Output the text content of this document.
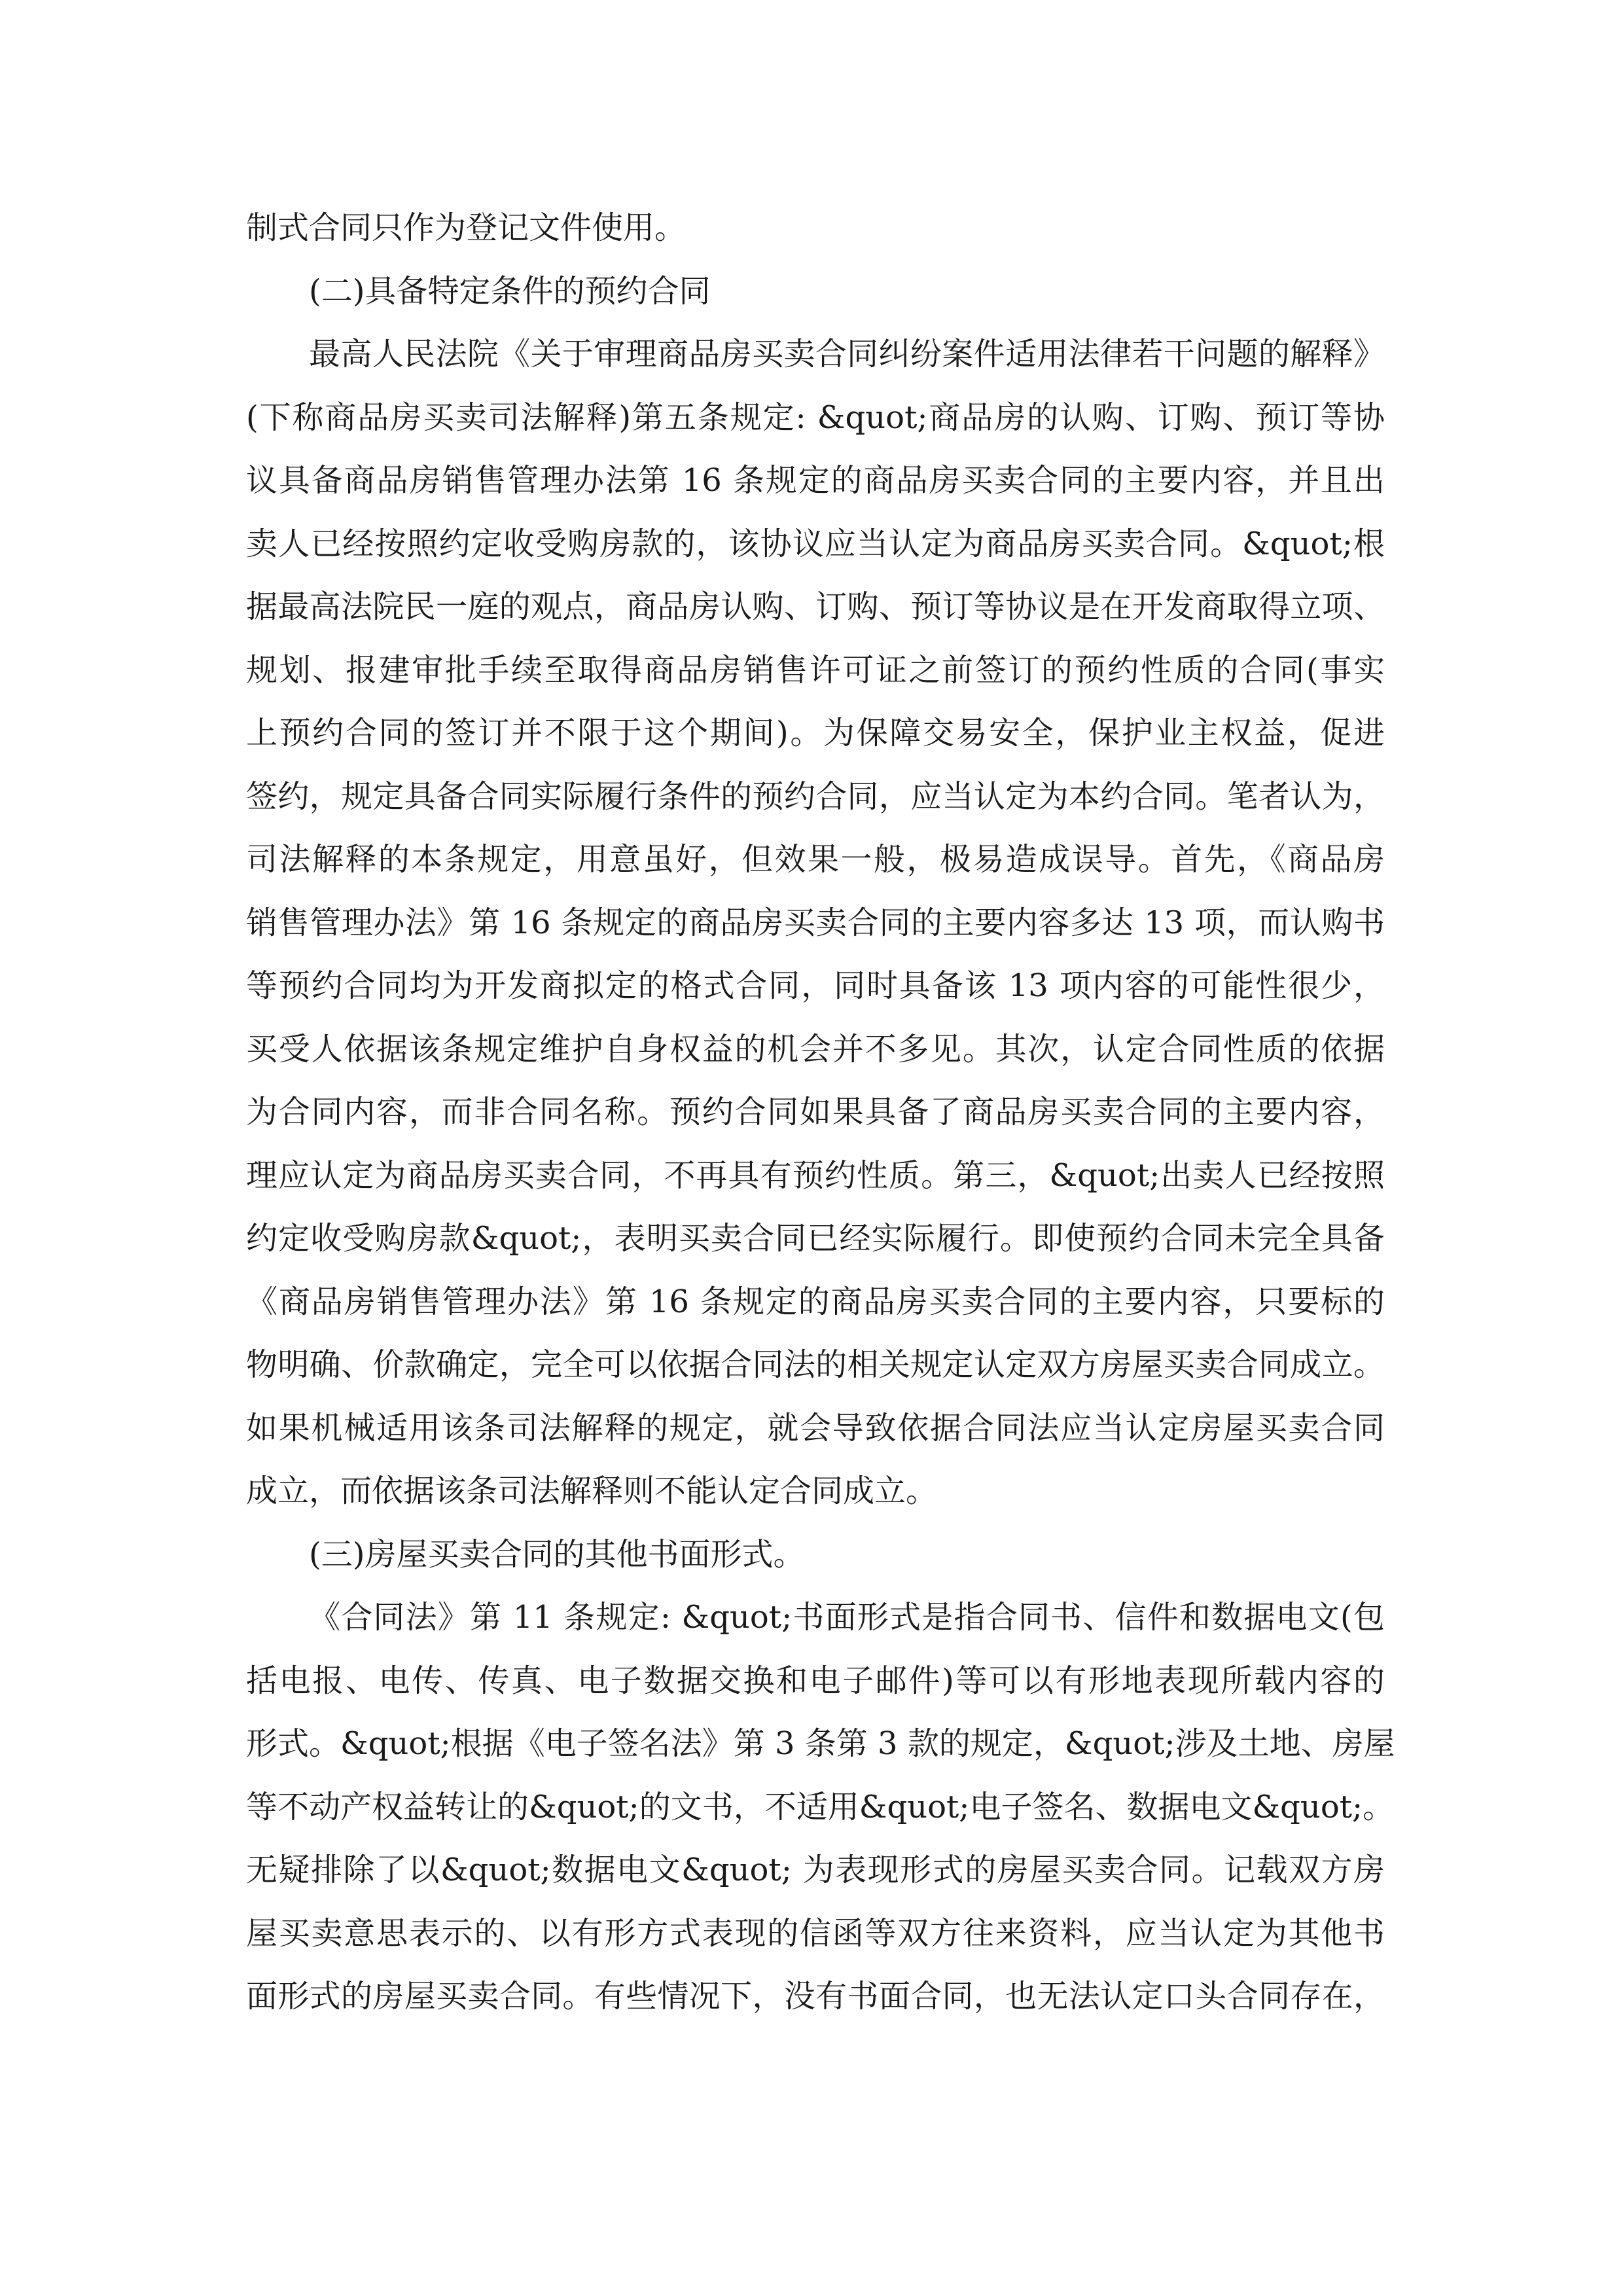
制式合同只作为登记文件使用。
(二)具备特定条件的预约合同
最高人民法院《关于审理商品房买卖合同纠纷案件适用法律若干问题的解释》
(下称商品房买卖司法解释)第五条规定: &quot;商品房的认购、订购、预订等协
议具备商品房销售管理办法第 16 条规定的商品房买卖合同的主要内容，并且出
卖人已经按照约定收受购房款的，该协议应当认定为商品房买卖合同。&quot;根
据最高法院民一庭的观点，商品房认购、订购、预订等协议是在开发商取得立项、
规划、报建审批手续至取得商品房销售许可证之前签订的预约性质的合同(事实
上预约合同的签订并不限于这个期间)。为保障交易安全，保护业主权益，促进
签约，规定具备合同实际履行条件的预约合同，应当认定为本约合同。笔者认为，
司法解释的本条规定，用意虽好，但效果一般，极易造成误导。首先，《商品房
销售管理办法》第 16 条规定的商品房买卖合同的主要内容多达 13 项，而认购书
等预约合同均为开发商拟定的格式合同，同时具备该 13 项内容的可能性很少，
买受人依据该条规定维护自身权益的机会并不多见。其次，认定合同性质的依据
为合同内容，而非合同名称。预约合同如果具备了商品房买卖合同的主要内容，
理应认定为商品房买卖合同，不再具有预约性质。第三，&quot;出卖人已经按照
约定收受购房款&quot;，表明买卖合同已经实际履行。即使预约合同未完全具备
《商品房销售管理办法》第 16 条规定的商品房买卖合同的主要内容，只要标的
物明确、价款确定，完全可以依据合同法的相关规定认定双方房屋买卖合同成立。
如果机械适用该条司法解释的规定，就会导致依据合同法应当认定房屋买卖合同
成立，而依据该条司法解释则不能认定合同成立。
(三)房屋买卖合同的其他书面形式。
《合同法》第 11 条规定: &quot;书面形式是指合同书、信件和数据电文(包
括电报、电传、传真、电子数据交换和电子邮件)等可以有形地表现所载内容的
形式。&quot;根据《电子签名法》第 3 条第 3 款的规定，&quot;涉及土地、房屋
等不动产权益转让的&quot;的文书，不适用&quot;电子签名、数据电文&quot;。
无疑排除了以&quot;数据电文&quot; 为表现形式的房屋买卖合同。记载双方房
屋买卖意思表示的、以有形方式表现的信函等双方往来资料，应当认定为其他书
面形式的房屋买卖合同。有些情况下，没有书面合同，也无法认定口头合同存在，
